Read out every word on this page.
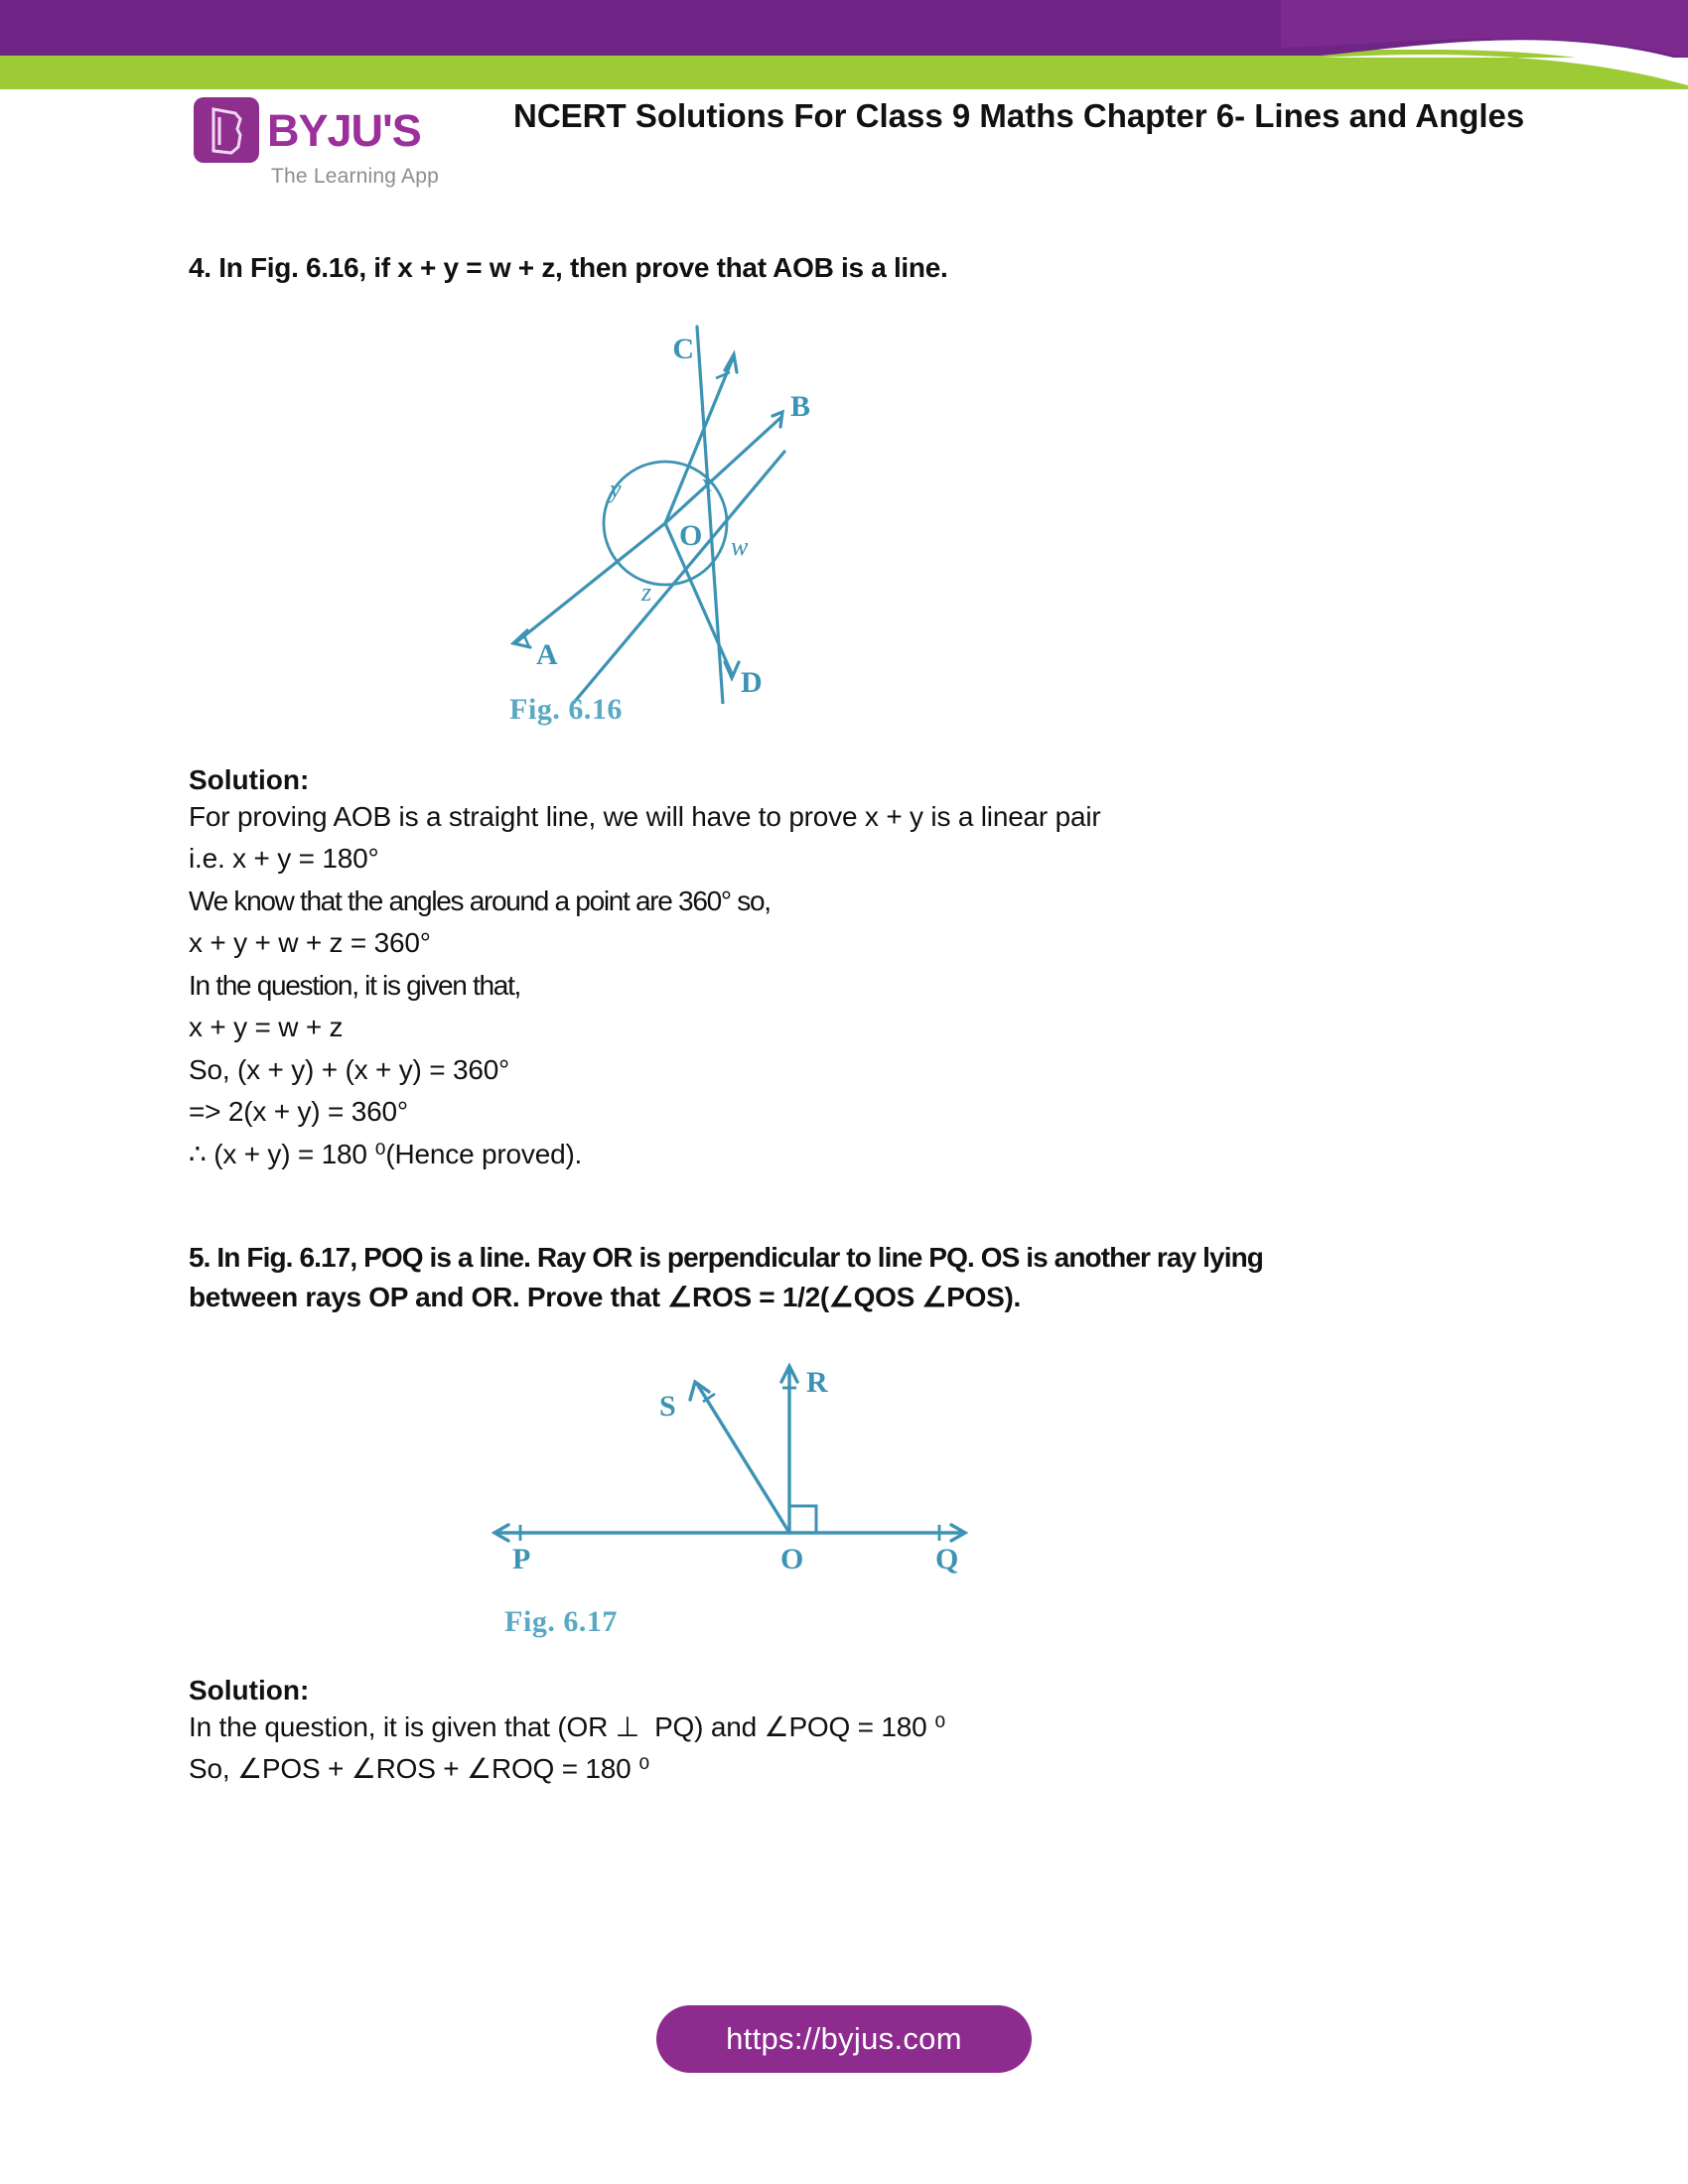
BYJU'S
The Learning App
NCERT Solutions For Class 9 Maths Chapter 6- Lines and Angles
4. In Fig. 6.16, if x + y = w + z, then prove that AOB is a line.
C
B
O
A
D
y	x
w
z
Fig. 6.16
Solution:
For proving AOB is a straight line, we will have to prove x + y is a linear pair
i.e. x + y = 180°
We know that the angles around a point are 360° so,
x + y + w + z = 360°
In the question, it is given that,
x + y = w + z
So, (x + y) + (x + y) = 360°
=> 2(x + y) = 360°
∴ (x + y) = 180 ⁰(Hence proved).
5. In Fig. 6.17, POQ is a line. Ray OR is perpendicular to line PQ. OS is another ray lying
between rays OP and OR. Prove that ∠ROS = 1/2(∠QOS ∠POS).
S
R
P	O	Q
Fig. 6.17
Solution:
In the question, it is given that (OR ⊥  PQ) and ∠POQ = 180 ⁰
So, ∠POS + ∠ROS + ∠ROQ = 180 ⁰
https://byjus.com
